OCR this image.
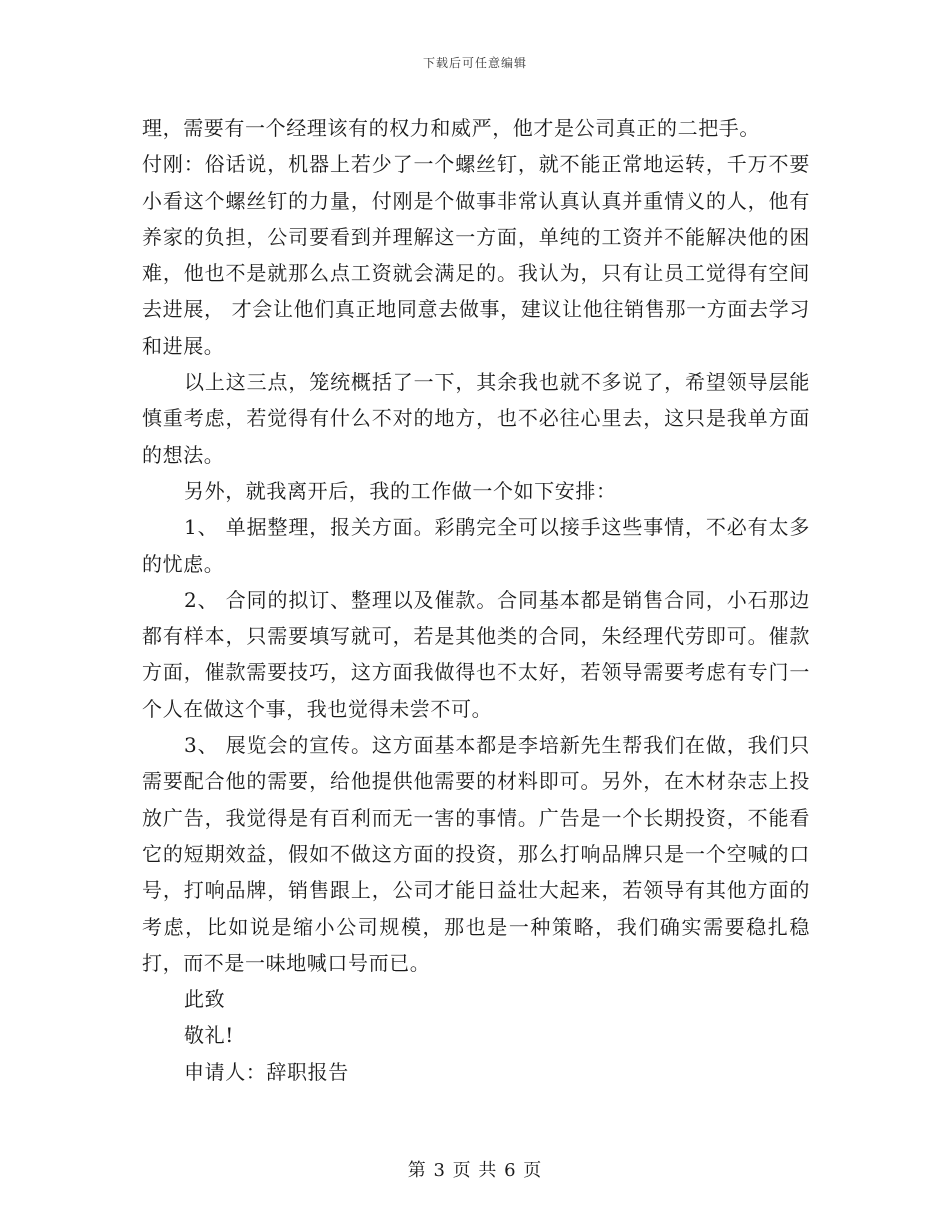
下载后可任意编辑

理，需要有一个经理该有的权力和威严，他才是公司真正的二把手。

付刚：俗话说，机器上若少了一个螺丝钉，就不能正常地运转，千万不要小看这个螺丝钉的力量，付刚是个做事非常认真认真并重情义的人，他有养家的负担，公司要看到并理解这一方面，单纯的工资并不能解决他的困难，他也不是就那么点工资就会满足的。我认为，只有让员工觉得有空间去进展， 才会让他们真正地同意去做事，建议让他往销售那一方面去学习和进展。

以上这三点，笼统概括了一下，其余我也就不多说了，希望领导层能慎重考虑，若觉得有什么不对的地方，也不必往心里去，这只是我单方面的想法。

另外，就我离开后，我的工作做一个如下安排：

1、 单据整理，报关方面。彩鹃完全可以接手这些事情，不必有太多的忧虑。

2、 合同的拟订、整理以及催款。合同基本都是销售合同，小石那边都有样本，只需要填写就可，若是其他类的合同，朱经理代劳即可。催款方面，催款需要技巧，这方面我做得也不太好，若领导需要考虑有专门一个人在做这个事，我也觉得未尝不可。

3、 展览会的宣传。这方面基本都是李培新先生帮我们在做，我们只需要配合他的需要，给他提供他需要的材料即可。另外，在木材杂志上投放广告，我觉得是有百利而无一害的事情。广告是一个长期投资，不能看它的短期效益，假如不做这方面的投资，那么打响品牌只是一个空喊的口号，打响品牌，销售跟上，公司才能日益壮大起来，若领导有其他方面的考虑，比如说是缩小公司规模，那也是一种策略，我们确实需要稳扎稳打，而不是一味地喊口号而已。

此致

敬礼!

申请人：辞职报告

第 3 页 共 6 页
